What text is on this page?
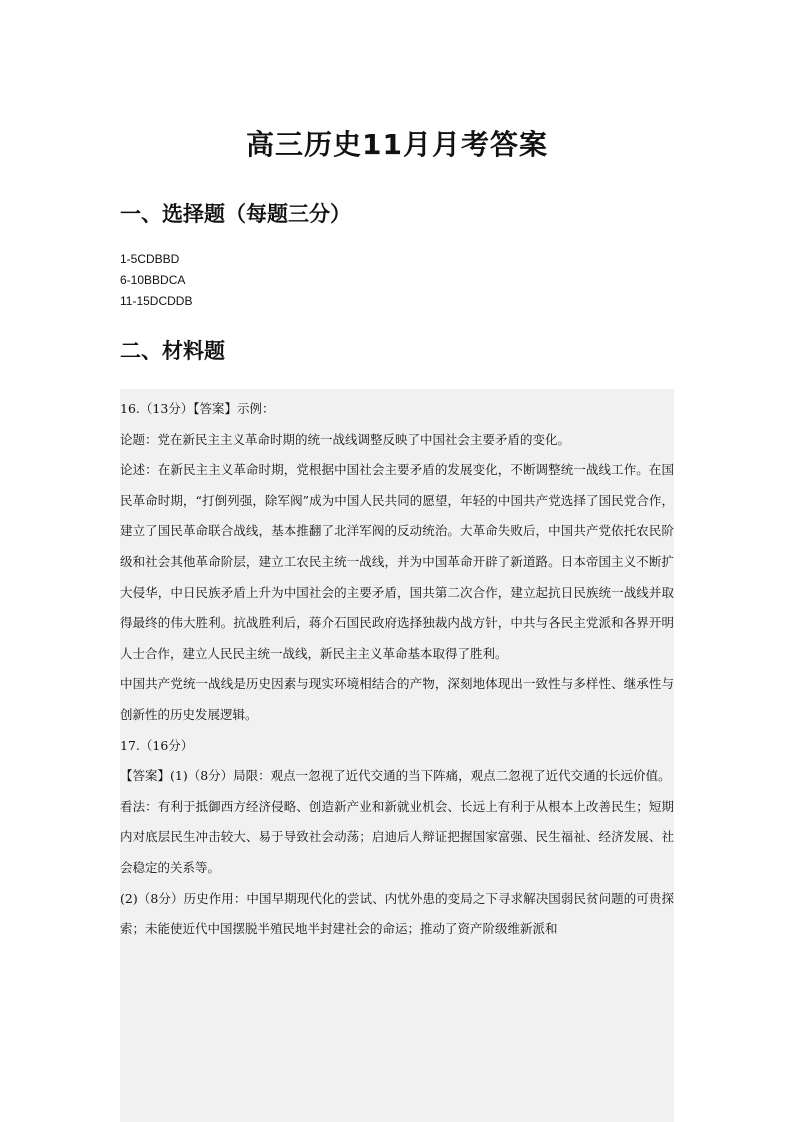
高三历史11月月考答案
一、选择题（每题三分）
1-5CDBBD
6-10BBDCA
11-15DCDDB
二、材料题

16.（13分）【答案】示例：

论题：党在新民主主义革命时期的统一战线调整反映了中国社会主要矛盾的变化。

论述：在新民主主义革命时期，党根据中国社会主要矛盾的发展变化，不断调整统一战线工作。在国民革命时期，“打倒列强，除军阀”成为中国人民共同的愿望，年轻的中国共产党选择了国民党合作，建立了国民革命联合战线，基本推翻了北洋军阀的反动统治。大革命失败后，中国共产党依托农民阶级和社会其他革命阶层，建立工农民主统一战线，并为中国革命开辟了新道路。日本帝国主义不断扩大侵华，中日民族矛盾上升为中国社会的主要矛盾，国共第二次合作，建立起抗日民族统一战线并取得最终的伟大胜利。抗战胜利后，蒋介石国民政府选择独裁内战方针，中共与各民主党派和各界开明人士合作，建立人民民主统一战线，新民主主义革命基本取得了胜利。

中国共产党统一战线是历史因素与现实环境相结合的产物，深刻地体现出一致性与多样性、继承性与创新性的历史发展逻辑。

17.（16分）

【答案】(1)（8分）局限：观点一忽视了近代交通的当下阵痛，观点二忽视了近代交通的长远价值。

看法：有利于抵御西方经济侵略、创造新产业和新就业机会、长远上有利于从根本上改善民生；短期内对底层民生冲击较大、易于导致社会动荡；启迪后人辩证把握国家富强、民生福祉、经济发展、社会稳定的关系等。

(2)（8分）历史作用：中国早期现代化的尝试、内忧外患的变局之下寻求解决国弱民贫问题的可贵探索；未能使近代中国摆脱半殖民地半封建社会的命运；推动了资产阶级维新派和
